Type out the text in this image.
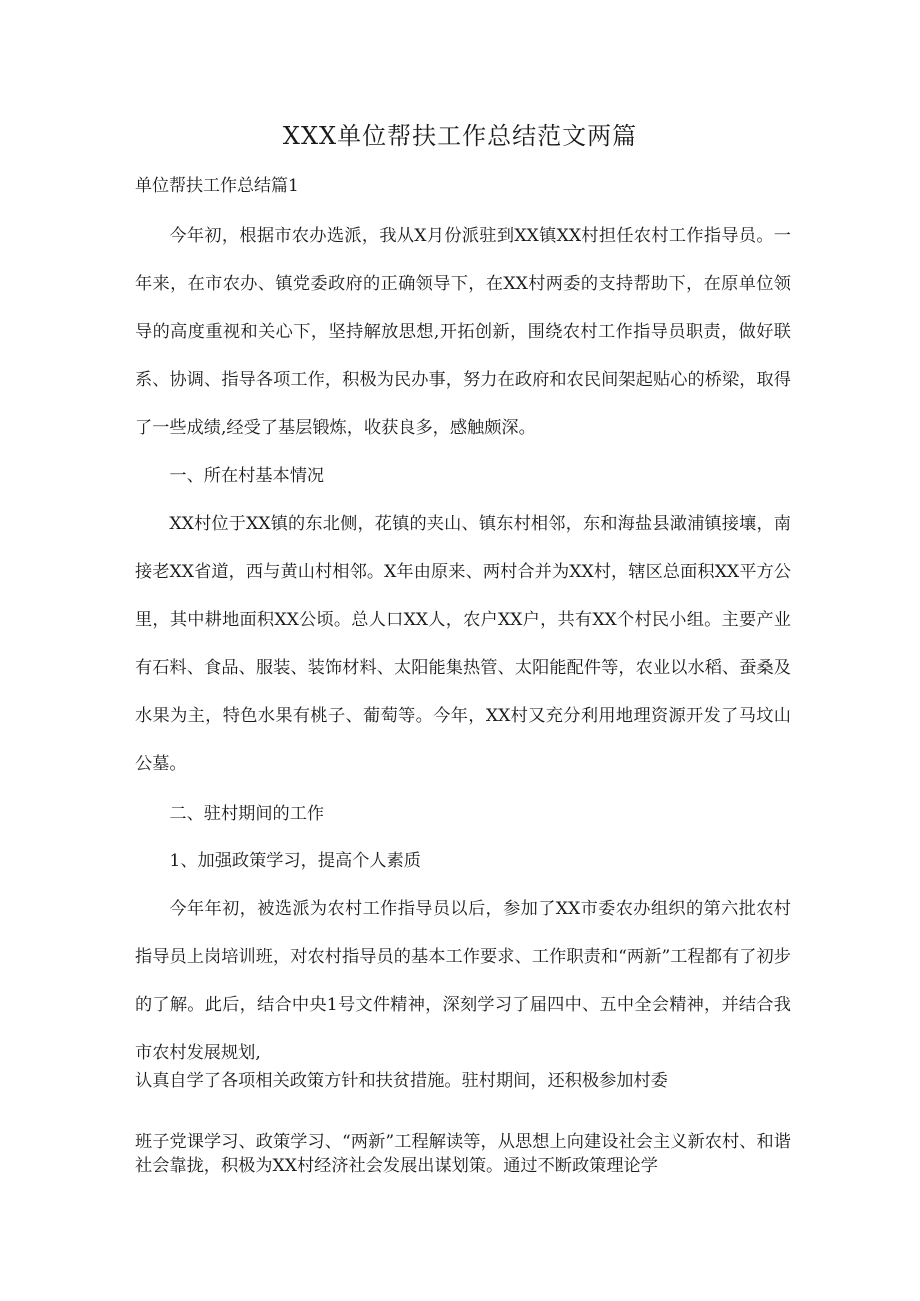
XXX单位帮扶工作总结范文两篇

单位帮扶工作总结篇1

今年初，根据市农办选派，我从X月份派驻到XX镇XX村担任农村工作指导员。一年来，在市农办、镇党委政府的正确领导下，在XX村两委的支持帮助下，在原单位领导的高度重视和关心下，坚持解放思想,开拓创新，围绕农村工作指导员职责，做好联系、协调、指导各项工作，积极为民办事，努力在政府和农民间架起贴心的桥梁，取得了一些成绩,经受了基层锻炼，收获良多，感触颇深。

一、所在村基本情况

XX村位于XX镇的东北侧，花镇的夹山、镇东村相邻，东和海盐县澉浦镇接壤，南接老XX省道，西与黄山村相邻。X年由原来、两村合并为XX村，辖区总面积XX平方公里，其中耕地面积XX公顷。总人口XX人，农户XX户，共有XX个村民小组。主要产业有石料、食品、服装、装饰材料、太阳能集热管、太阳能配件等，农业以水稻、蚕桑及水果为主，特色水果有桃子、葡萄等。今年，XX村又充分利用地理资源开发了马坟山公墓。

二、驻村期间的工作

1、加强政策学习，提高个人素质

今年年初，被选派为农村工作指导员以后，参加了XX市委农办组织的第六批农村指导员上岗培训班，对农村指导员的基本工作要求、工作职责和“两新”工程都有了初步的了解。此后，结合中央1号文件精神，深刻学习了届四中、五中全会精神，并结合我市农村发展规划,

认真自学了各项相关政策方针和扶贫措施。驻村期间，还积极参加村委

班子党课学习、政策学习、“两新”工程解读等，从思想上向建设社会主义新农村、和谐社会靠拢，积极为XX村经济社会发展出谋划策。通过不断政策理论学
